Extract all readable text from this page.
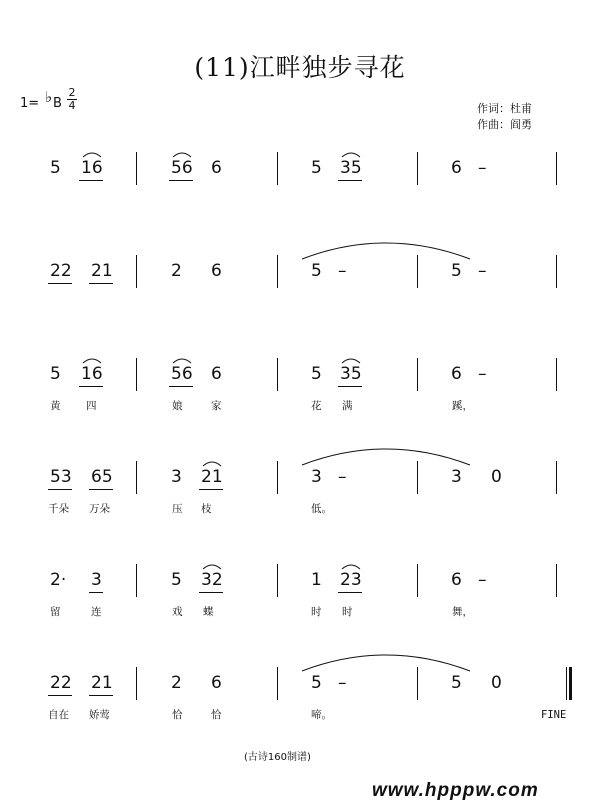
(11)江畔独步寻花
1= ♭ B $\frac{2}{4}$	作词：杜甫
作曲：阎勇
5 16	56 6	5 35	6 –
22 21	2 6	5 –	5 –
5 16	56 6	5 35	6 –
黄 四	娘	家	花 满	蹊，
53 65	3 21	3 –	3 0
千朵 万朵	压 枝	低。
2· 3	5 32	1 23	6 –
留	连	戏 蝶	时 时	舞，
22 21	2 6	5 –	5 0
自在 娇莺	恰	恰	啼。	FINE
(古诗160制谱)
www.hpppw.com
